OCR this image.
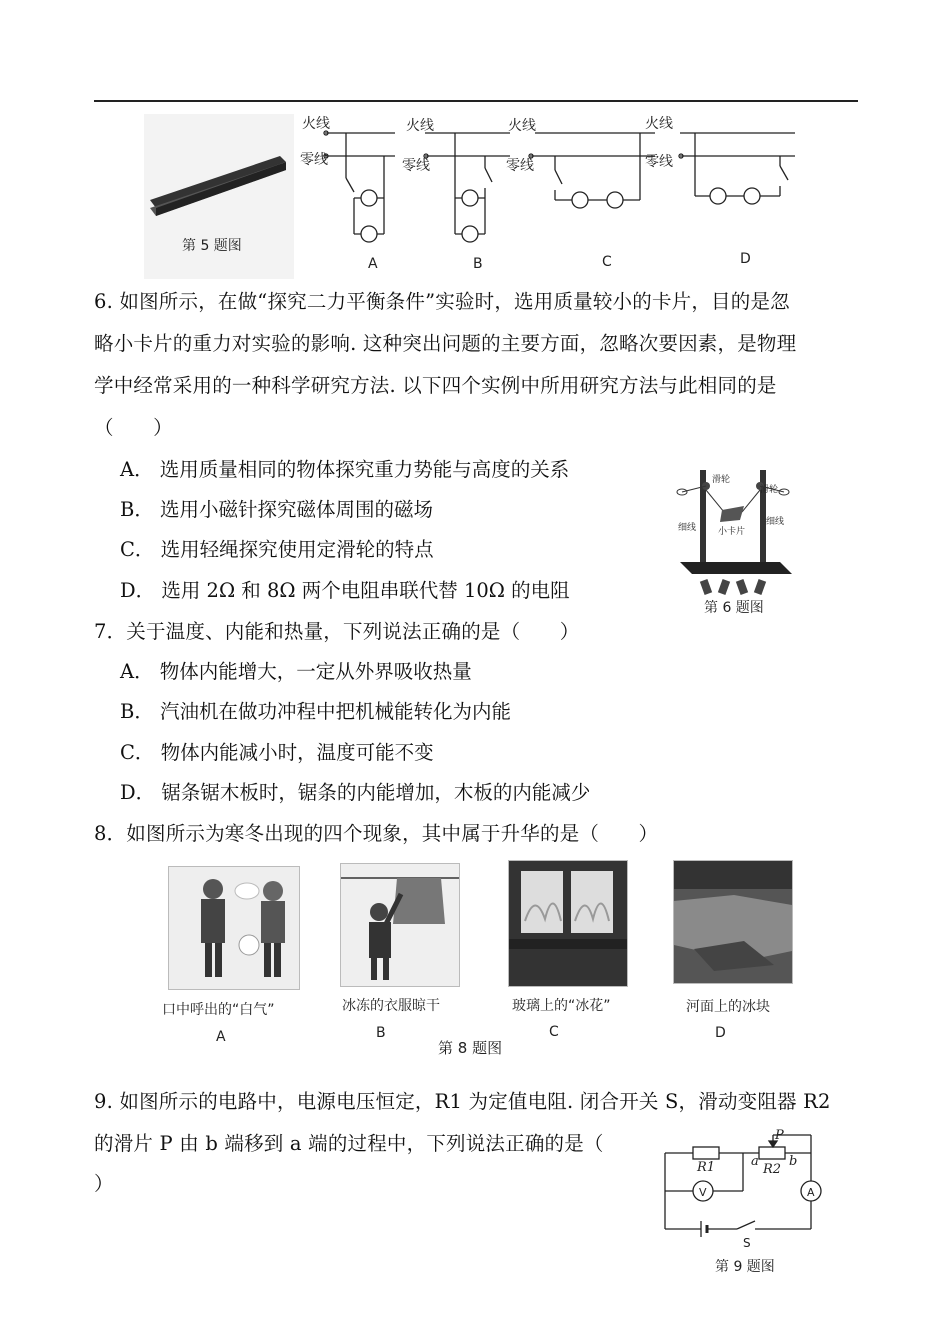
第 5 题图
火线
零线
火线
零线
火线
零线
火线
零线
A	B	C	D
6. 如图所示，在做“探究二力平衡条件”实验时，选用质量较小的卡片，目的是忽
略小卡片的重力对实验的影响. 这种突出问题的主要方面，忽略次要因素，是物理
学中经常采用的一种科学研究方法. 以下四个实例中所用研究方法与此相同的是
（　　）
A． 选用质量相同的物体探究重力势能与高度的关系
B． 选用小磁针探究磁体周围的磁场
C． 选用轻绳探究使用定滑轮的特点
D． 选用 2Ω 和 8Ω 两个电阻串联代替 10Ω 的电阻
滑轮
滑轮
细线
细线
小卡片
第 6 题图
7．关于温度、内能和热量，下列说法正确的是（　　）
A． 物体内能增大，一定从外界吸收热量
B． 汽油机在做功冲程中把机械能转化为内能
C． 物体内能减小时，温度可能不变
D． 锯条锯木板时，锯条的内能增加，木板的内能减少
8．如图所示为寒冬出现的四个现象，其中属于升华的是（　　）
口中呼出的“白气”
A
冰冻的衣服晾干
B
玻璃上的“冰花”
C
河面上的冰块
D
第 8 题图
9. 如图所示的电路中，电源电压恒定，R1 为定值电阻. 闭合开关 S，滑动变阻器 R2
的滑片 P 由 b 端移到 a 端的过程中，下列说法正确的是（
）
P
R1	R2
a b
V	A
S
第 9 题图
